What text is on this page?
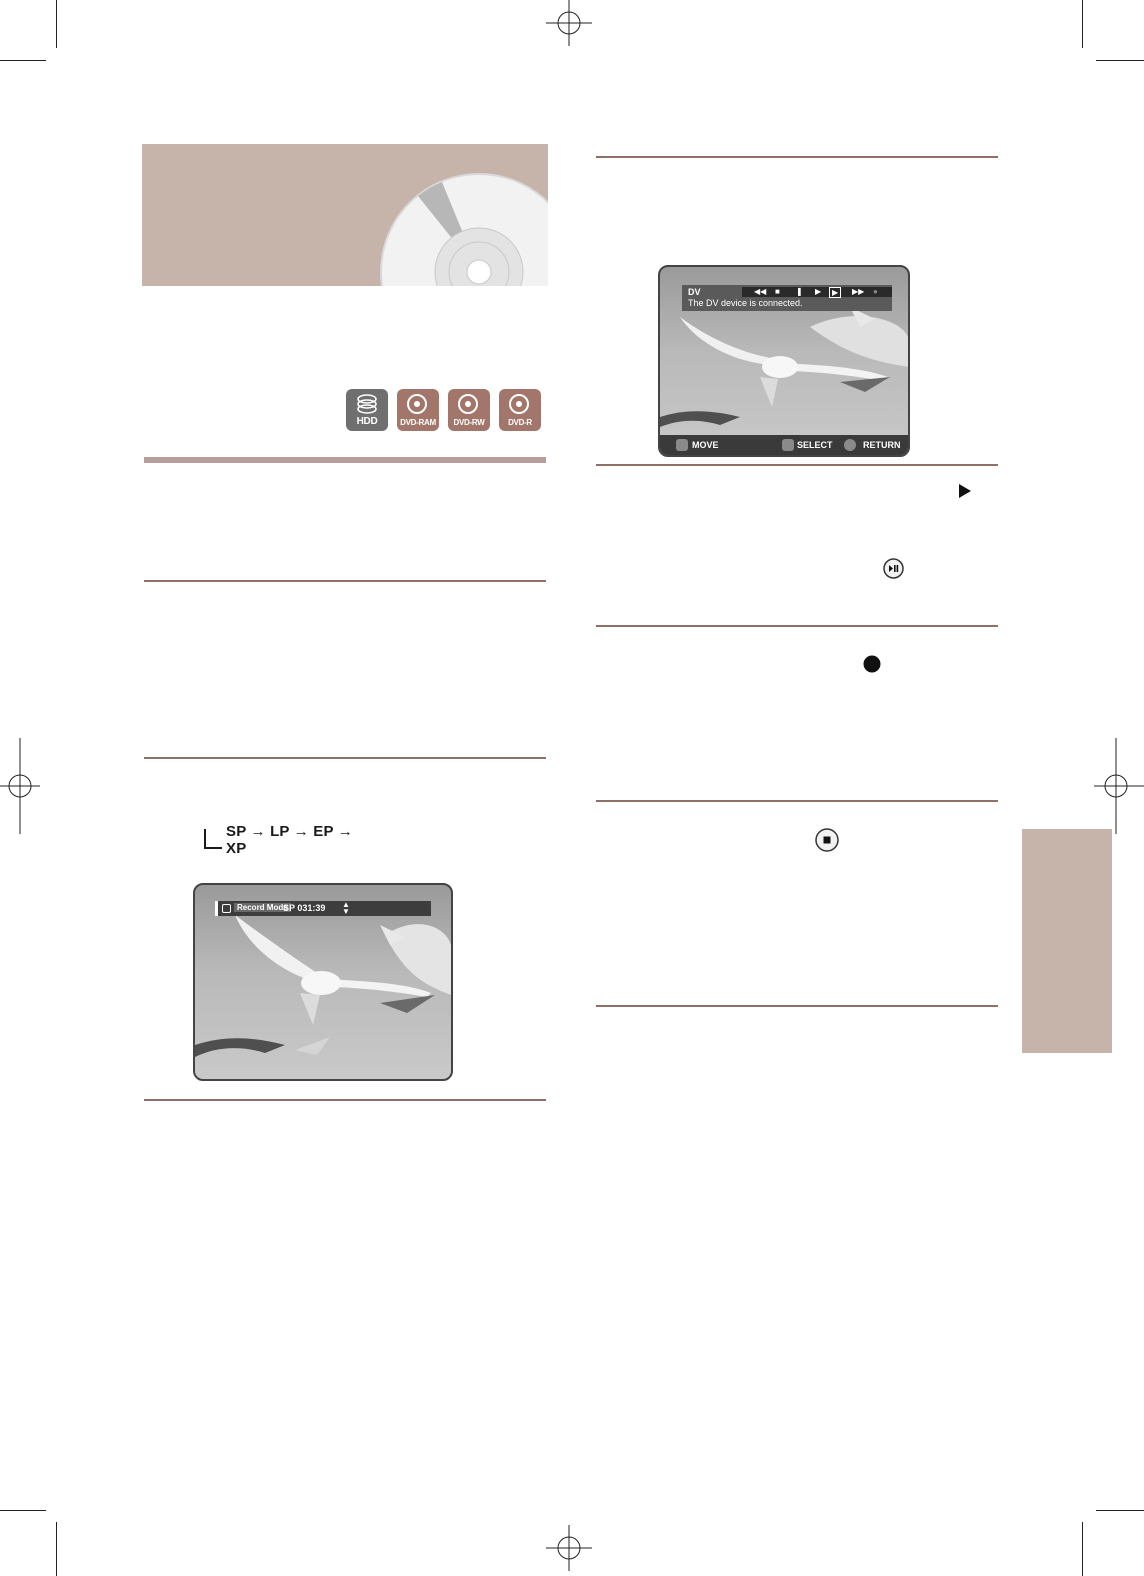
HDD	DVD-RAM	DVD-RW	DVD-R
SP → LP → EP → XP
DV
The DV device is connected.
◀◀ ■ ❚ ▶	▶	▶▶ ●
MOVE	SELECT	RETURN
Record Mode
SP 031:39 ▲
▼
